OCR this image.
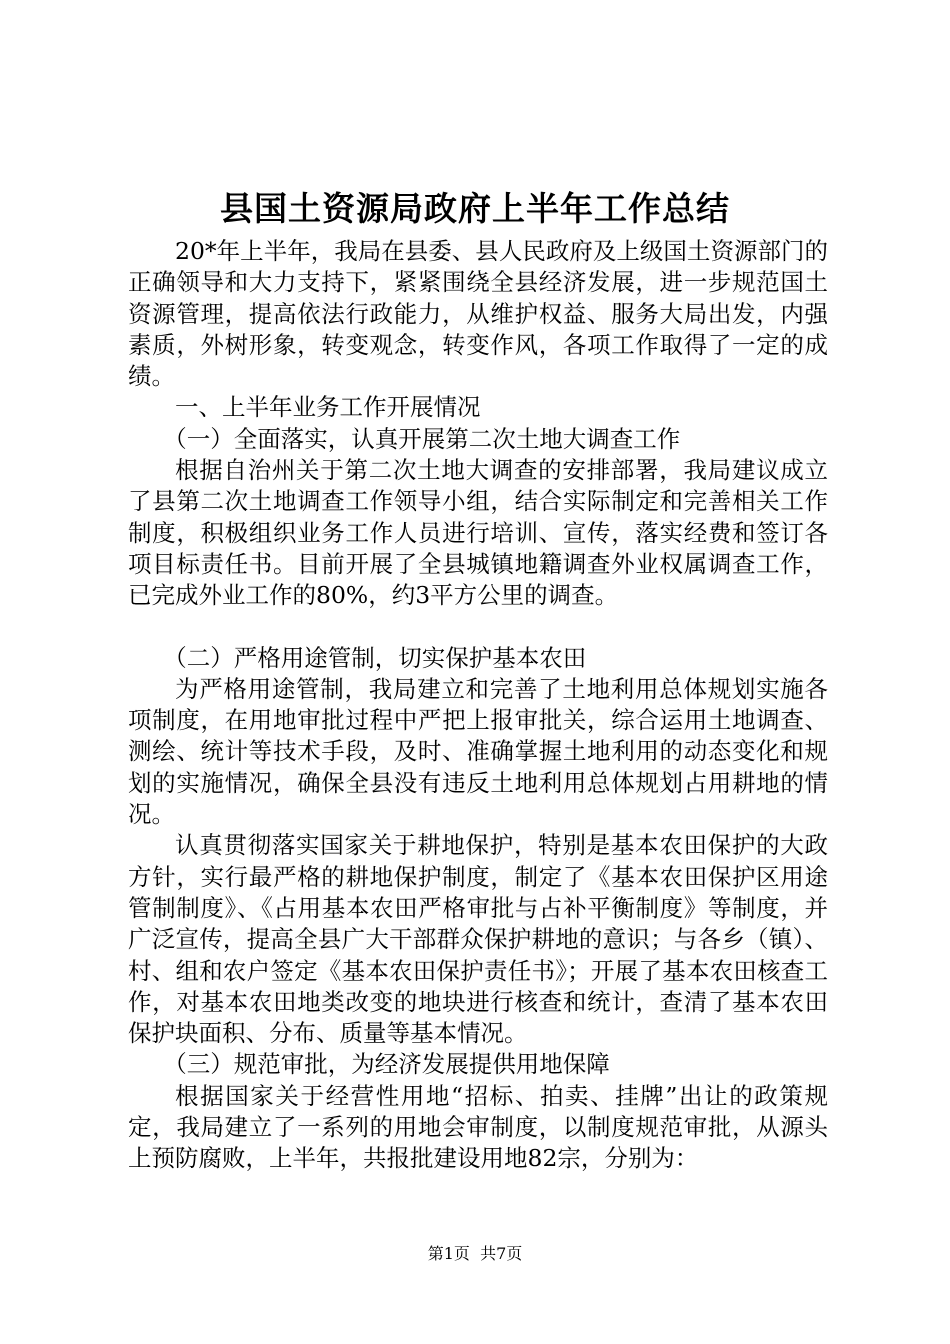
县国土资源局政府上半年工作总结

20*年上半年，我局在县委、县人民政府及上级国土资源部门的正确领导和大力支持下，紧紧围绕全县经济发展，进一步规范国土资源管理，提高依法行政能力，从维护权益、服务大局出发，内强素质，外树形象，转变观念，转变作风，各项工作取得了一定的成绩。

一、上半年业务工作开展情况

（一）全面落实，认真开展第二次土地大调查工作

根据自治州关于第二次土地大调查的安排部署，我局建议成立了县第二次土地调查工作领导小组，结合实际制定和完善相关工作制度，积极组织业务工作人员进行培训、宣传，落实经费和签订各项目标责任书。目前开展了全县城镇地籍调查外业权属调查工作，已完成外业工作的80%，约3平方公里的调查。

（二）严格用途管制，切实保护基本农田

为严格用途管制，我局建立和完善了土地利用总体规划实施各项制度，在用地审批过程中严把上报审批关，综合运用土地调查、测绘、统计等技术手段，及时、准确掌握土地利用的动态变化和规划的实施情况，确保全县没有违反土地利用总体规划占用耕地的情况。

认真贯彻落实国家关于耕地保护，特别是基本农田保护的大政方针，实行最严格的耕地保护制度，制定了《基本农田保护区用途管制制度》、《占用基本农田严格审批与占补平衡制度》等制度，并广泛宣传，提高全县广大干部群众保护耕地的意识；与各乡（镇）、村、组和农户签定《基本农田保护责任书》；开展了基本农田核查工作，对基本农田地类改变的地块进行核查和统计，查清了基本农田保护块面积、分布、质量等基本情况。

（三）规范审批，为经济发展提供用地保障

根据国家关于经营性用地“招标、拍卖、挂牌”出让的政策规定，我局建立了一系列的用地会审制度，以制度规范审批，从源头上预防腐败，上半年，共报批建设用地82宗，分别为：

第1页 共7页
